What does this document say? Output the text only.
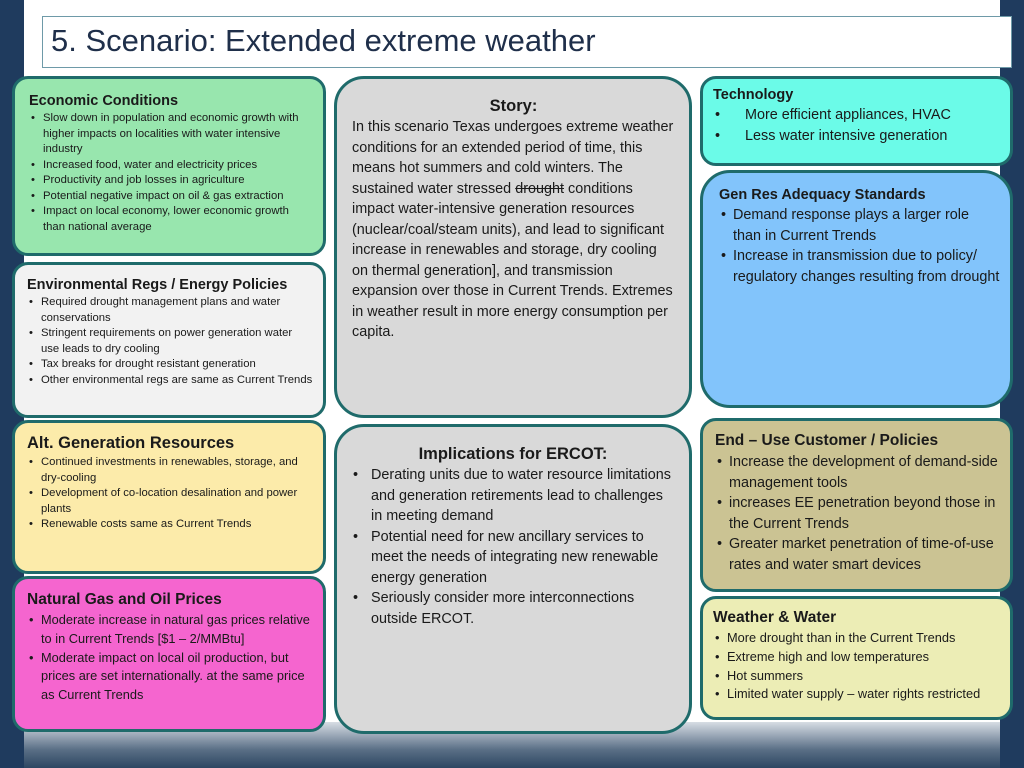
5. Scenario: Extended extreme weather
Economic Conditions
• Slow down in population and economic growth with higher impacts on localities with water intensive industry
• Increased food, water and electricity prices
• Productivity and job losses in agriculture
• Potential negative impact on oil & gas extraction
• Impact on local economy, lower economic growth than national average
Environmental Regs / Energy Policies
• Required drought management plans and water conservations
• Stringent requirements on power generation water use leads to dry cooling
• Tax breaks for drought resistant generation
• Other environmental regs are same as Current Trends
Alt. Generation Resources
• Continued investments in renewables, storage, and dry-cooling
• Development of co-location desalination and power plants
• Renewable costs same as Current Trends
Natural Gas and Oil Prices
• Moderate increase in natural gas prices relative to in Current Trends [$1 – 2/MMBtu]
• Moderate impact on local oil production, but prices are set internationally. at the same price as Current Trends
Story:

In this scenario Texas undergoes extreme weather conditions for an extended period of time, this means hot summers and cold winters. The sustained water stressed drought conditions impact water-intensive generation resources (nuclear/coal/steam units), and lead to significant increase in renewables and storage, dry cooling on thermal generation], and transmission expansion over those in Current Trends. Extremes in weather result in more energy consumption per capita.

Implications for ERCOT:
• Derating units due to water resource limitations and generation retirements lead to challenges in meeting demand
• Potential need for new ancillary services to meet the needs of integrating new renewable energy generation
• Seriously consider more interconnections outside ERCOT.
Technology
• More efficient appliances, HVAC
• Less water intensive generation
Gen Res Adequacy Standards
• Demand response plays a larger role than in Current Trends
• Increase in transmission due to policy/ regulatory changes resulting from drought
End – Use Customer / Policies
• Increase the development of demand-side management tools
• increases EE penetration beyond those in the Current Trends
• Greater market penetration of time-of-use rates and water smart devices
Weather & Water
• More drought than in the Current Trends
• Extreme high and low temperatures
• Hot summers
• Limited water supply – water rights restricted
